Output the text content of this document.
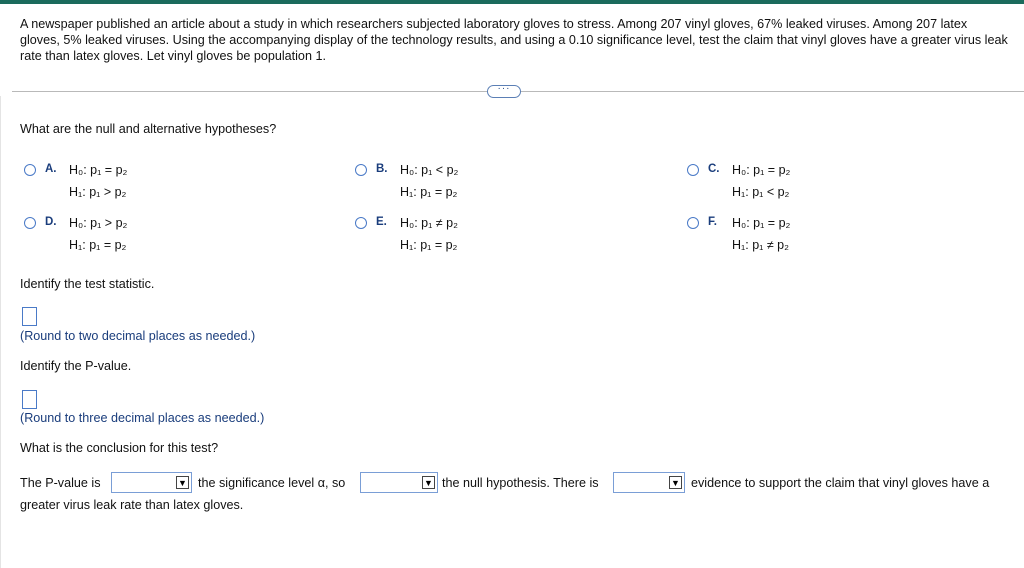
A newspaper published an article about a study in which researchers subjected laboratory gloves to stress. Among 207 vinyl gloves, 67% leaked viruses. Among 207 latex gloves, 5% leaked viruses. Using the accompanying display of the technology results, and using a 0.10 significance level, test the claim that vinyl gloves have a greater virus leak rate than latex gloves. Let vinyl gloves be population 1.
···
What are the null and alternative hypotheses?
A. H₀: p₁ = p₂
H₁: p₁ > p₂
B. H₀: p₁ < p₂
H₁: p₁ = p₂
C. H₀: p₁ = p₂
H₁: p₁ < p₂
D. H₀: p₁ > p₂
H₁: p₁ = p₂
E. H₀: p₁ ≠ p₂
H₁: p₁ = p₂
F. H₀: p₁ = p₂
H₁: p₁ ≠ p₂
Identify the test statistic.
(Round to two decimal places as needed.)
Identify the P-value.
(Round to three decimal places as needed.)
What is the conclusion for this test?
The P-value is	▼ the significance level α, so	▼ the null hypothesis. There is	▼ evidence to support the claim that vinyl gloves have a
greater virus leak rate than latex gloves.
